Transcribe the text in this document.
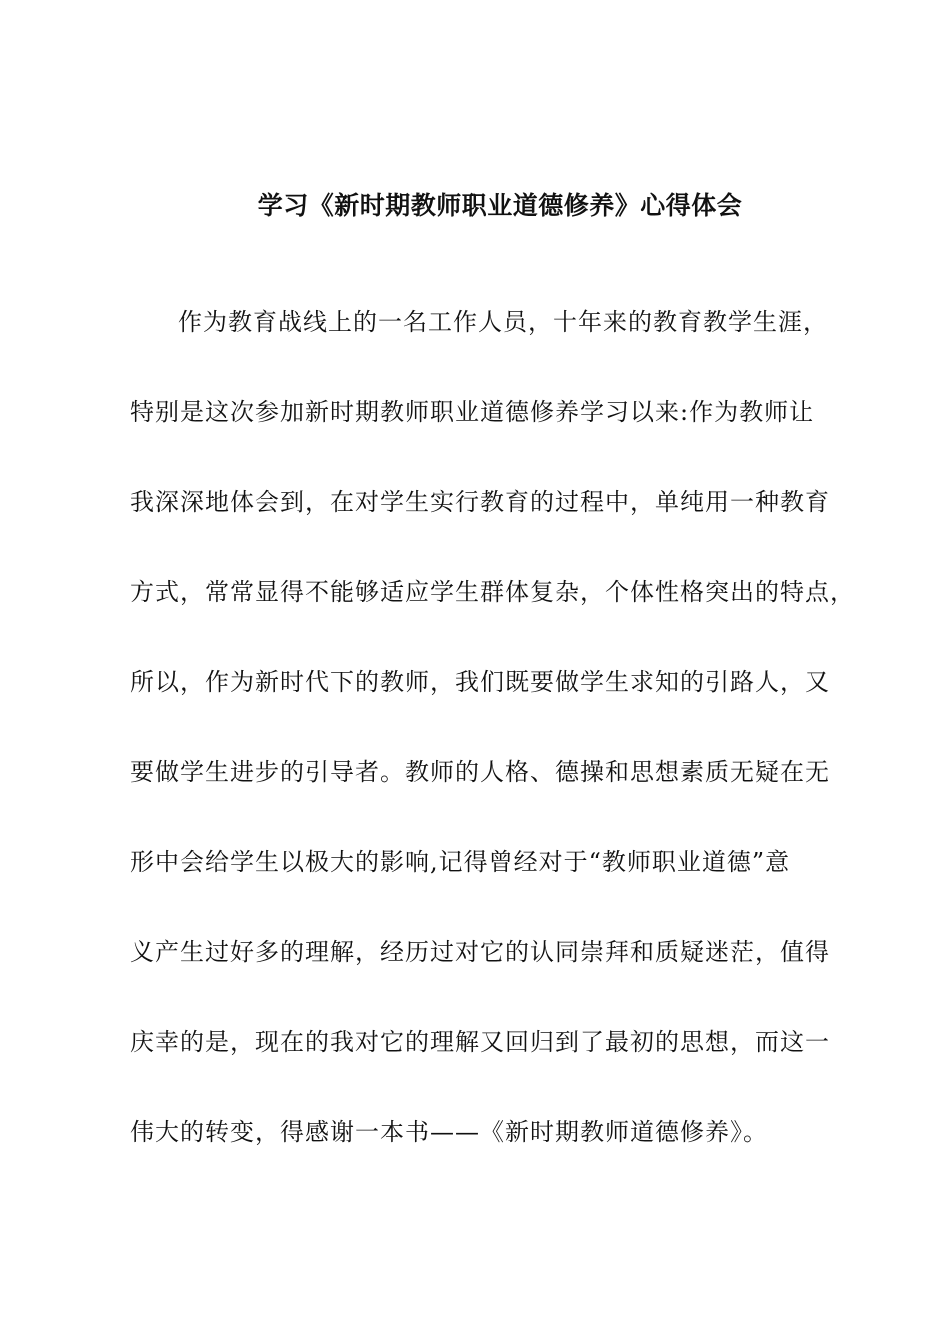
学习《新时期教师职业道德修养》心得体会
作为教育战线上的一名工作人员，十年来的教育教学生涯，
特别是这次参加新时期教师职业道德修养学习以来:作为教师让
我深深地体会到，在对学生实行教育的过程中，单纯用一种教育
方式，常常显得不能够适应学生群体复杂，个体性格突出的特点，
所以，作为新时代下的教师，我们既要做学生求知的引路人，又
要做学生进步的引导者。教师的人格、德操和思想素质无疑在无
形中会给学生以极大的影响,记得曾经对于“教师职业道德”意
义产生过好多的理解，经历过对它的认同崇拜和质疑迷茫，值得
庆幸的是，现在的我对它的理解又回归到了最初的思想，而这一
伟大的转变，得感谢一本书——《新时期教师道德修养》。
